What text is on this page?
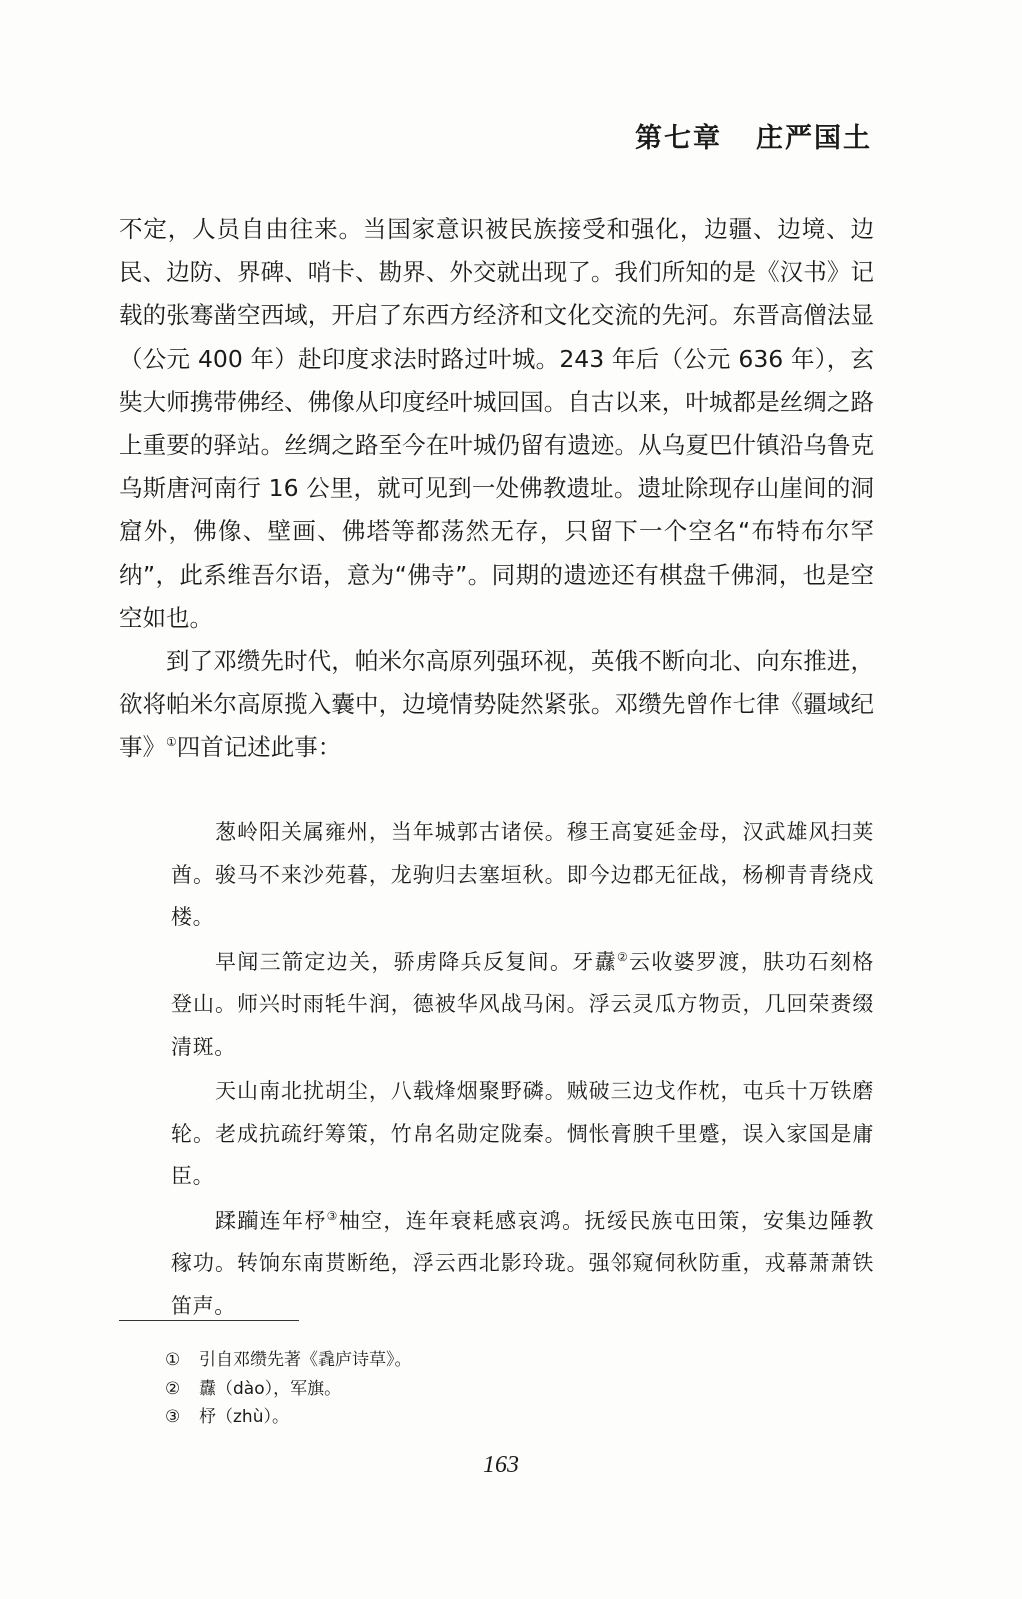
第七章 庄严国土

不定，人员自由往来。当国家意识被民族接受和强化，边疆、边境、边民、边防、界碑、哨卡、勘界、外交就出现了。我们所知的是《汉书》记载的张骞凿空西域，开启了东西方经济和文化交流的先河。东晋高僧法显（公元 400 年）赴印度求法时路过叶城。243 年后（公元 636 年），玄奘大师携带佛经、佛像从印度经叶城回国。自古以来，叶城都是丝绸之路上重要的驿站。丝绸之路至今在叶城仍留有遗迹。从乌夏巴什镇沿乌鲁克乌斯唐河南行 16 公里，就可见到一处佛教遗址。遗址除现存山崖间的洞窟外，佛像、壁画、佛塔等都荡然无存，只留下一个空名“布特布尔罕纳”，此系维吾尔语，意为“佛寺”。同期的遗迹还有棋盘千佛洞，也是空空如也。

到了邓缵先时代，帕米尔高原列强环视，英俄不断向北、向东推进，欲将帕米尔高原揽入囊中，边境情势陡然紧张。邓缵先曾作七律《疆域纪事》①四首记述此事：

葱岭阳关属雍州，当年城郭古诸侯。穆王高宴延金母，汉武雄风扫荚酋。骏马不来沙苑暮，龙驹归去塞垣秋。即今边郡无征战，杨柳青青绕戍楼。

早闻三箭定边关，骄虏降兵反复间。牙纛②云收婆罗渡，肤功石刻格登山。师兴时雨牦牛润，德被华风战马闲。浮云灵瓜方物贡，几回荣赉缀清斑。

天山南北扰胡尘，八载烽烟聚野磷。贼破三边戈作枕，屯兵十万铁磨轮。老成抗疏纡筹策，竹帛名勋定陇秦。惆怅膏腴千里蹙，误入家国是庸臣。

蹂躏连年杼③柚空，连年衰耗感哀鸿。抚绥民族屯田策，安集边陲教稼功。转饷东南贳断绝，浮云西北影玲珑。强邻窥伺秋防重，戎幕萧萧铁笛声。

① 引自邓缵先著《毳庐诗草》。
② 纛（dào），军旗。
③ 杼（zhù）。
163
